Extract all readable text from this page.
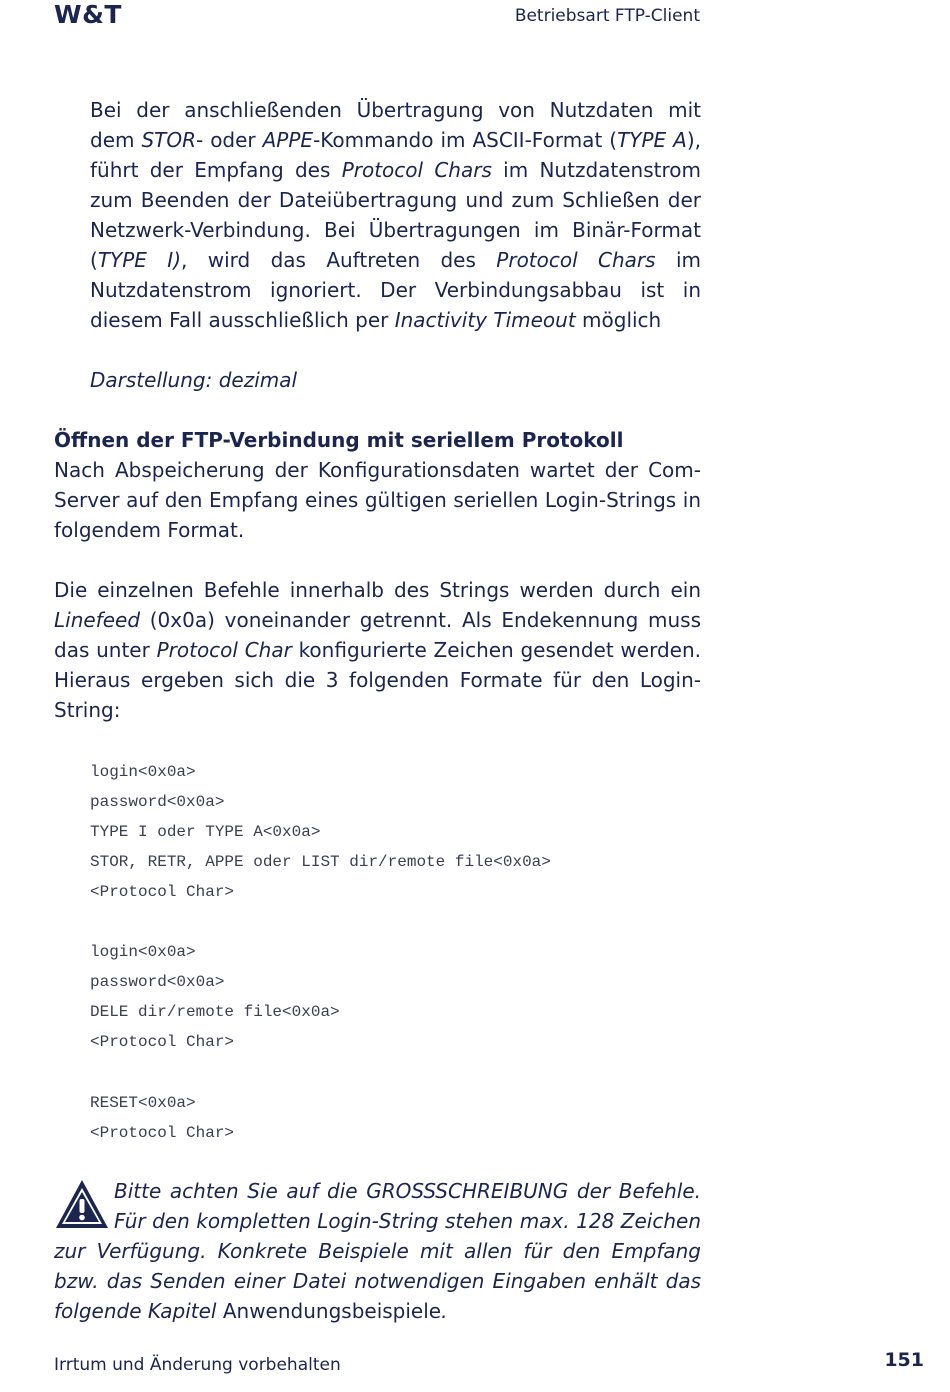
W&T	Betriebsart FTP-Client

Bei der anschließenden Übertragung von Nutzdaten mit dem STOR- oder APPE-Kommando im ASCII-Format (TYPE A), führt der Empfang des Protocol Chars im Nutzdatenstrom zum Beenden der Dateiübertragung und zum Schließen der Netzwerk-Verbindung. Bei Übertragungen im Binär-Format (TYPE I), wird das Auftreten des Protocol Chars im Nutzdatenstrom ignoriert. Der Verbindungsabbau ist in diesem Fall ausschließlich per Inactivity Timeout möglich

Darstellung: dezimal

Öffnen der FTP-Verbindung mit seriellem Protokoll

Nach Abspeicherung der Konfigurationsdaten wartet der Com-Server auf den Empfang eines gültigen seriellen Login-Strings in folgendem Format.

Die einzelnen Befehle innerhalb des Strings werden durch ein Linefeed (0x0a) voneinander getrennt. Als Endekennung muss das unter Protocol Char konfigurierte Zeichen gesendet werden. Hieraus ergeben sich die 3 folgenden Formate für den Login-String:

login<0x0a>
password<0x0a>
TYPE I oder TYPE A<0x0a>
STOR, RETR, APPE oder LIST dir/remote file<0x0a>
<Protocol Char>
login<0x0a>
password<0x0a>
DELE dir/remote file<0x0a>
<Protocol Char>
RESET<0x0a>
<Protocol Char>

Bitte achten Sie auf die GROSSSCHREIBUNG der Befehle. Für den kompletten Login-String stehen max. 128 Zeichen zur Verfügung. Konkrete Beispiele mit allen für den Empfang bzw. das Senden einer Datei notwendigen Eingaben enhält das folgende Kapitel Anwendungsbeispiele.

Irrtum und Änderung vorbehalten	151
